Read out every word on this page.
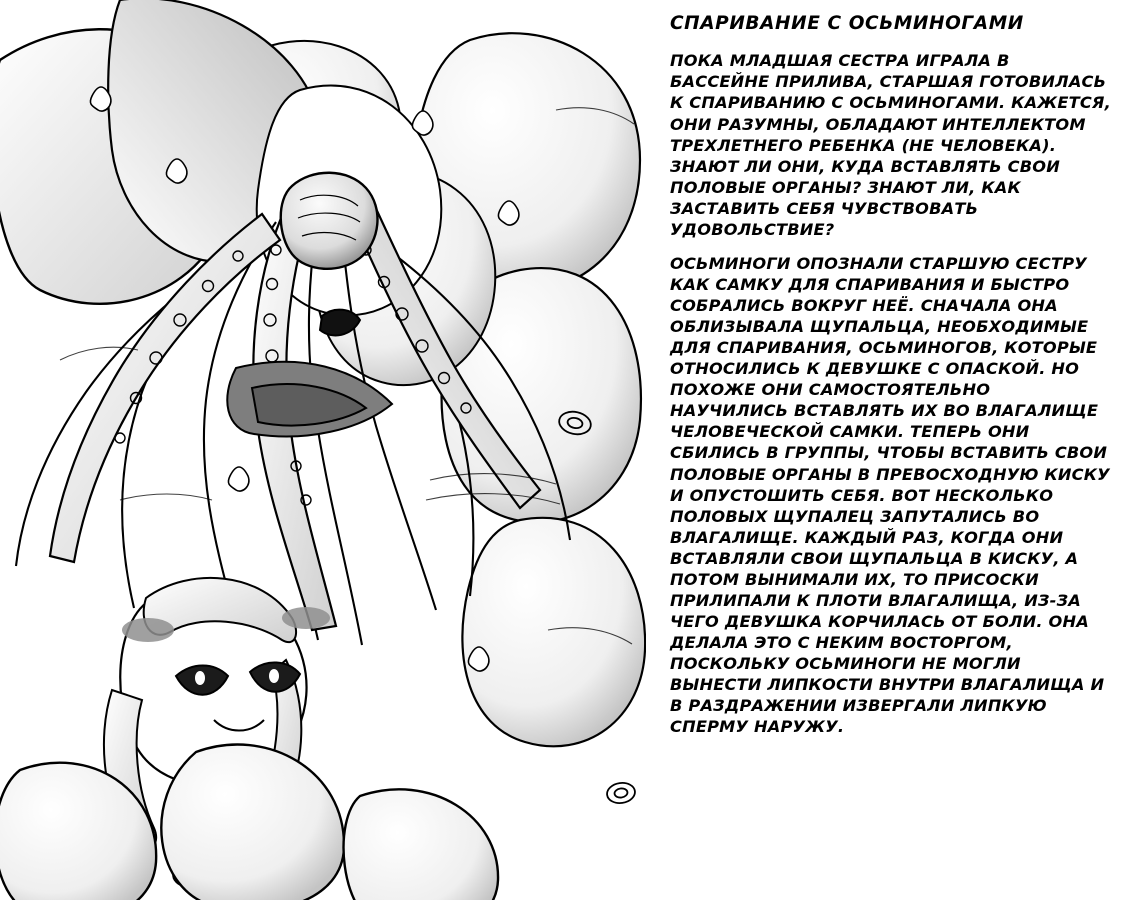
СПАРИВАНИЕ С ОСЬМИНОГАМИ

ПОКА МЛАДШАЯ СЕСТРА ИГРАЛА В БАССЕЙНЕ ПРИЛИВА, СТАРШАЯ ГОТОВИЛАСЬ К СПАРИВАНИЮ С ОСЬМИНОГАМИ. КАЖЕТСЯ, ОНИ РАЗУМНЫ, ОБЛАДАЮТ ИНТЕЛЛЕКТОМ ТРЕХЛЕТНЕГО РЕБЕНКА (НЕ ЧЕЛОВЕКА). ЗНАЮТ ЛИ ОНИ, КУДА ВСТАВЛЯТЬ СВОИ ПОЛОВЫЕ ОРГАНЫ? ЗНАЮТ ЛИ, КАК ЗАСТАВИТЬ СЕБЯ ЧУВСТВОВАТЬ УДОВОЛЬСТВИЕ?

ОСЬМИНОГИ ОПОЗНАЛИ СТАРШУЮ СЕСТРУ КАК САМКУ ДЛЯ СПАРИВАНИЯ И БЫСТРО СОБРАЛИСЬ ВОКРУГ НЕЁ. СНАЧАЛА ОНА ОБЛИЗЫВАЛА ЩУПАЛЬЦА, НЕОБХОДИМЫЕ ДЛЯ СПАРИВАНИЯ, ОСЬМИНОГОВ, КОТОРЫЕ ОТНОСИЛИСЬ К ДЕВУШКЕ С ОПАСКОЙ. НО ПОХОЖЕ ОНИ САМОСТОЯТЕЛЬНО НАУЧИЛИСЬ ВСТАВЛЯТЬ ИХ ВО ВЛАГАЛИЩЕ ЧЕЛОВЕЧЕСКОЙ САМКИ. ТЕПЕРЬ ОНИ СБИЛИСЬ В ГРУППЫ, ЧТОБЫ ВСТАВИТЬ СВОИ ПОЛОВЫЕ ОРГАНЫ В ПРЕВОСХОДНУЮ КИСКУ И ОПУСТОШИТЬ СЕБЯ. ВОТ НЕСКОЛЬКО ПОЛОВЫХ ЩУПАЛЕЦ ЗАПУТАЛИСЬ ВО ВЛАГАЛИЩЕ. КАЖДЫЙ РАЗ, КОГДА ОНИ ВСТАВЛЯЛИ СВОИ ЩУПАЛЬЦА В КИСКУ, А ПОТОМ ВЫНИМАЛИ ИХ, ТО ПРИСОСКИ ПРИЛИПАЛИ К ПЛОТИ ВЛАГАЛИЩА, ИЗ-ЗА ЧЕГО ДЕВУШКА КОРЧИЛАСЬ ОТ БОЛИ. ОНА ДЕЛАЛА ЭТО С НЕКИМ ВОСТОРГОМ, ПОСКОЛЬКУ ОСЬМИНОГИ НЕ МОГЛИ ВЫНЕСТИ ЛИПКОСТИ ВНУТРИ ВЛАГАЛИЩА И В РАЗДРАЖЕНИИ ИЗВЕРГАЛИ ЛИПКУЮ СПЕРМУ НАРУЖУ.
